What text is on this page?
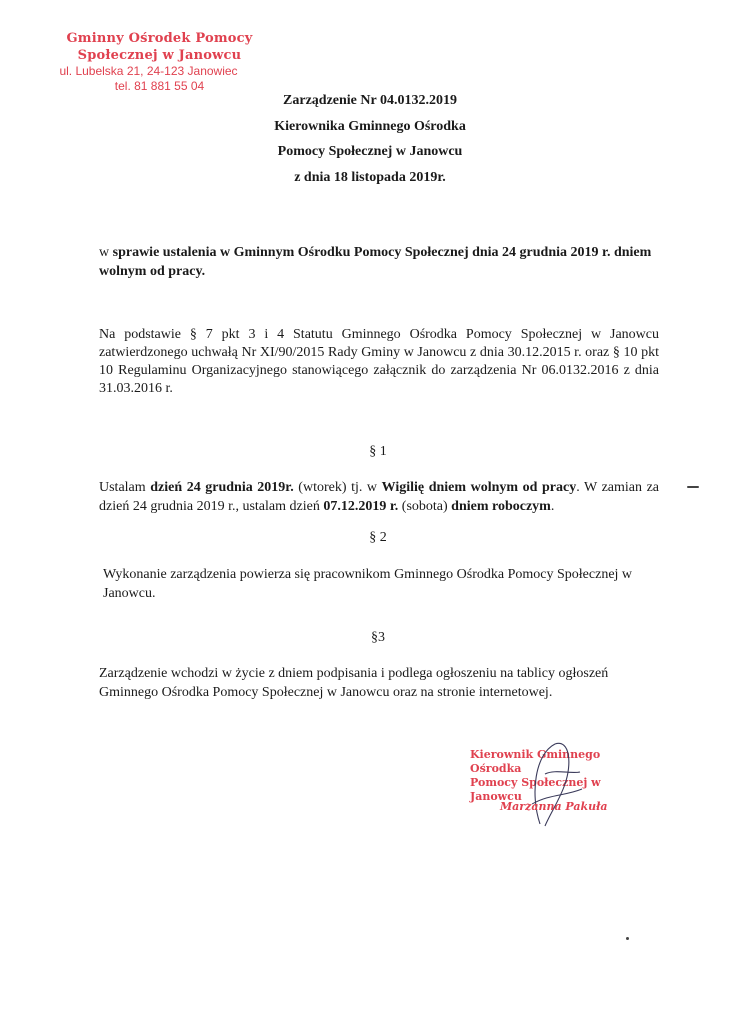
Gminny Ośrodek Pomocy
Społecznej w Janowcu
ul. Lubelska 21, 24-123 Janowiec
tel. 81 881 55 04
Zarządzenie Nr 04.0132.2019
Kierownika Gminnego Ośrodka
Pomocy Społecznej w Janowcu
z dnia 18 listopada 2019r.
w sprawie ustalenia w Gminnym Ośrodku Pomocy Społecznej dnia 24 grudnia 2019 r. dniem wolnym od pracy.
Na podstawie § 7 pkt 3 i 4 Statutu Gminnego Ośrodka Pomocy Społecznej w Janowcu zatwierdzonego uchwałą Nr XI/90/2015 Rady Gminy w Janowcu z dnia 30.12.2015 r. oraz § 10 pkt 10 Regulaminu Organizacyjnego stanowiącego załącznik do zarządzenia Nr 06.0132.2016 z dnia 31.03.2016 r.
§ 1
Ustalam dzień 24 grudnia 2019r. (wtorek) tj. w Wigilię dniem wolnym od pracy. W zamian za dzień 24 grudnia 2019 r., ustalam dzień 07.12.2019 r. (sobota) dniem roboczym.
§ 2
Wykonanie zarządzenia powierza się pracownikom Gminnego Ośrodka Pomocy Społecznej w Janowcu.
§3
Zarządzenie wchodzi w życie z dniem podpisania i podlega ogłoszeniu na tablicy ogłoszeń Gminnego Ośrodka Pomocy Społecznej w Janowcu oraz na stronie internetowej.
Kierownik Gminnego Ośrodka
Pomocy Społecznej w Janowcu
Marzanna Pakuła
